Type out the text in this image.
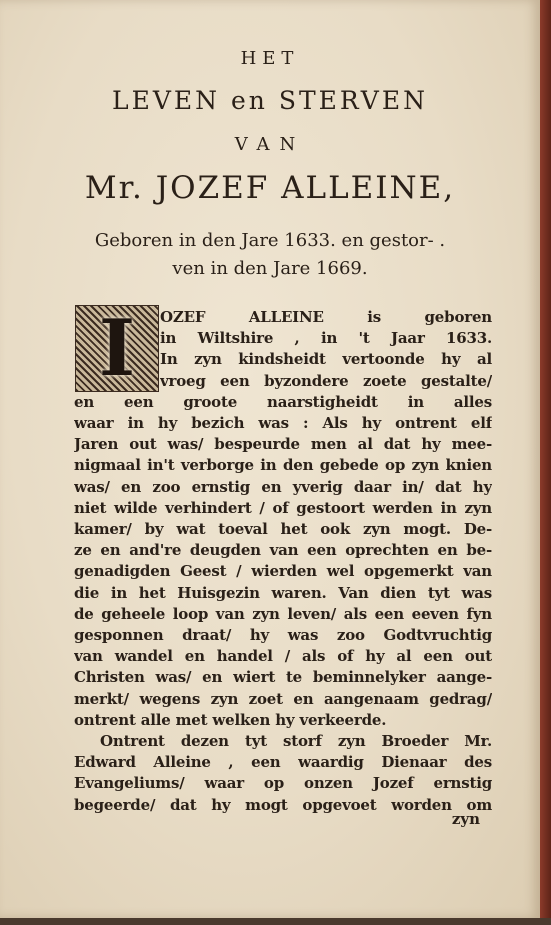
HET
LEVEN en STERVEN
VAN
Mr. JOZEF ALLEINE,
Geboren in den Jare 1633. en gestor- .
ven in den Jare 1669.
I	OZEF ALLEINE is geboren
in Wiltshire , in 't Jaar 1633.
In zyn kindsheidt vertoonde hy al
vroeg een byzondere zoete gestalte/
en een groote naarstigheidt in alles
waar in hy bezich was : Als hy ontrent elf
Jaren out was/ bespeurde men al dat hy mee-
nigmaal in't verborge in den gebede op zyn knien
was/ en zoo ernstig en yverig daar in/ dat hy
niet wilde verhindert / of gestoort werden in zyn
kamer/ by wat toeval het ook zyn mogt. De-
ze en and're deugden van een oprechten en be-
genadigden Geest / wierden wel opgemerkt van
die in het Huisgezin waren. Van dien tyt was
de geheele loop van zyn leven/ als een eeven fyn
gesponnen draat/ hy was zoo Godtvruchtig
van wandel en handel / als of hy al een out
Christen was/ en wiert te beminnelyker aange-
merkt/ wegens zyn zoet en aangenaam gedrag/
ontrent alle met welken hy verkeerde.
Ontrent dezen tyt storf zyn Broeder Mr.
Edward Alleine , een waardig Dienaar des
Evangeliums/ waar op onzen Jozef ernstig
begeerde/ dat hy mogt opgevoet worden om
zyn
